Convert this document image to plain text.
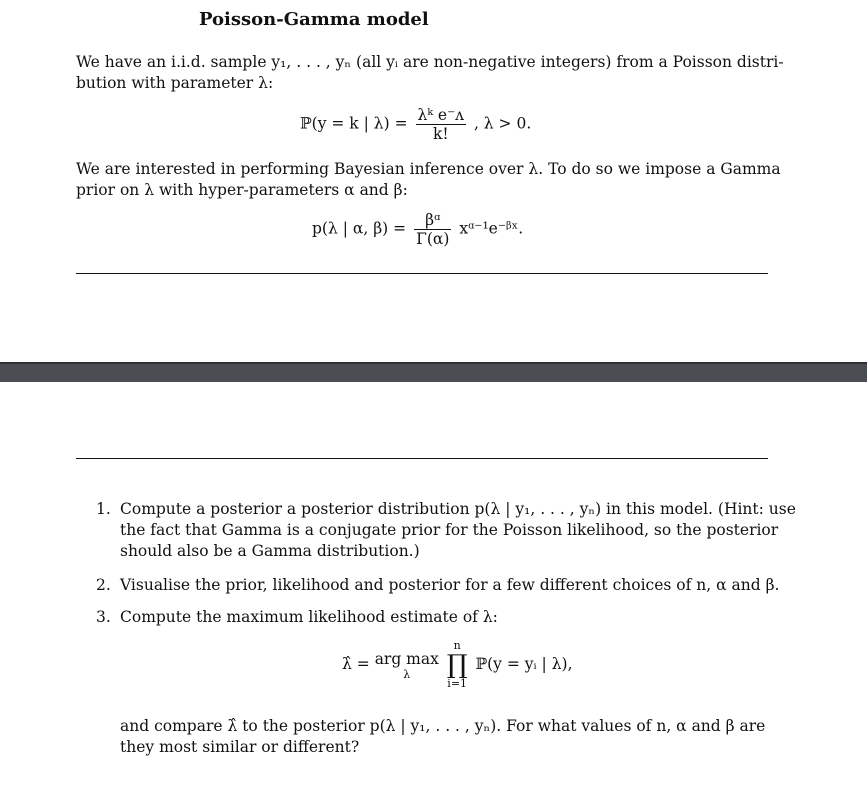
Poisson-Gamma model
We have an i.i.d. sample y₁, . . . , yₙ (all yᵢ are non-negative integers) from a Poisson distri-
bution with parameter λ:
ℙ(y = k | $\lambda) = \frac{\text{λᵏ e⁻ᴧ}}{k!}$ , λ > 0.
We are interested in performing Bayesian inference over λ. To do so we impose a Gamma
prior on λ with hyper-parameters α and β:
p(λ | α, $\beta) = \frac{\text{βᵅ}}{\Gamma(\alpha)}$ xᵅ⁻¹e⁻ᵝˣ.
1. Compute a posterior a posterior distribution p(λ | y₁, . . . , yₙ) in this model. (Hint: use
the fact that Gamma is a conjugate prior for the Poisson likelihood, so the posterior
should also be a Gamma distribution.)
2. Visualise the prior, likelihood and posterior for a few different choices of n, α and β.
3. Compute the maximum likelihood estimate of λ:
λ̂ = arg max
λ

n
∏
i=1
ℙ(y = yᵢ | λ),
and compare λ̂ to the posterior p(λ | y₁, . . . , yₙ). For what values of n, α and β are
they most similar or different?
